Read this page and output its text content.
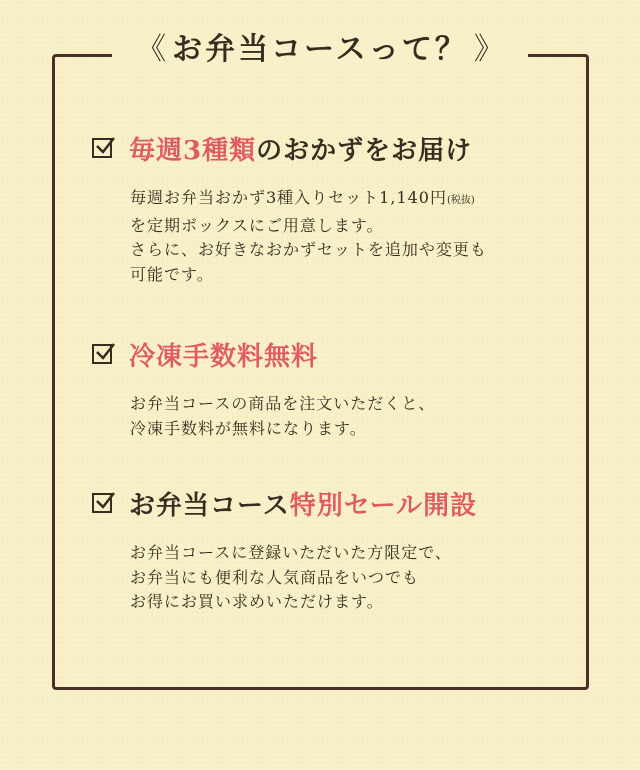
《 お弁当コースって？ 》
毎週3種類のおかずをお届け

毎週お弁当おかず3種入りセット1,140円(税抜)

を定期ボックスにご用意します。

さらに、お好きなおかずセットを追加や変更も

可能です。

冷凍手数料無料

お弁当コースの商品を注文いただくと、

冷凍手数料が無料になります。

お弁当コース特別セール開設

お弁当コースに登録いただいた方限定で、

お弁当にも便利な人気商品をいつでも

お得にお買い求めいただけます。
